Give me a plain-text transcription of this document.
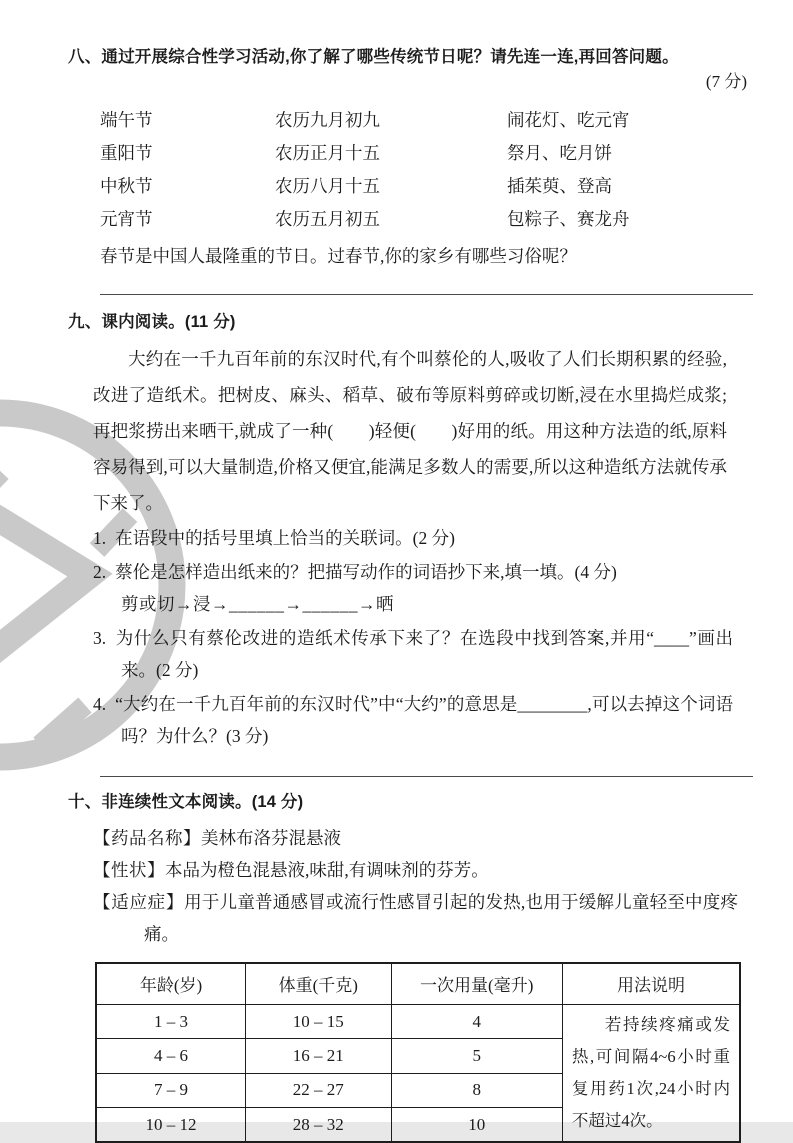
八、通过开展综合性学习活动,你了解了哪些传统节日呢？请先连一连,再回答问题。
(7 分)
端午节	农历九月初九	闹花灯、吃元宵
重阳节	农历正月十五	祭月、吃月饼
中秋节	农历八月十五	插茱萸、登高
元宵节	农历五月初五	包粽子、赛龙舟

春节是中国人最隆重的节日。过春节,你的家乡有哪些习俗呢？

九、课内阅读。(11 分)

大约在一千九百年前的东汉时代,有个叫蔡伦的人,吸收了人们长期积累的经验,改进了造纸术。把树皮、麻头、稻草、破布等原料剪碎或切断,浸在水里捣烂成浆;再把浆捞出来晒干,就成了一种(　　)轻便(　　)好用的纸。用这种方法造的纸,原料容易得到,可以大量制造,价格又便宜,能满足多数人的需要,所以这种造纸方法就传承下来了。

1. 在语段中的括号里填上恰当的关联词。(2 分)
2. 蔡伦是怎样造出纸来的？把描写动作的词语抄下来,填一填。(4 分)
剪或切→浸→______→______→晒
3. 为什么只有蔡伦改进的造纸术传承下来了？在选段中找到答案,并用“____”画出来。(2 分)
4. “大约在一千九百年前的东汉时代”中“大约”的意思是________,可以去掉这个词语吗？为什么？(3 分)
十、非连续性文本阅读。(14 分)
【药品名称】美林布洛芬混悬液
【性状】本品为橙色混悬液,味甜,有调味剂的芬芳。
【适应症】用于儿童普通感冒或流行性感冒引起的发热,也用于缓解儿童轻至中度疼痛。
年龄(岁)	体重(千克)	一次用量(毫升)	用法说明
1 – 3	10 – 15	4	若持续疼痛或发热,可间隔4~6小时重复用药1次,24小时内不超过4次。

4 – 6	16 – 21	5	
7 – 9	22 – 27	8	
10 – 12	28 – 32	10	
